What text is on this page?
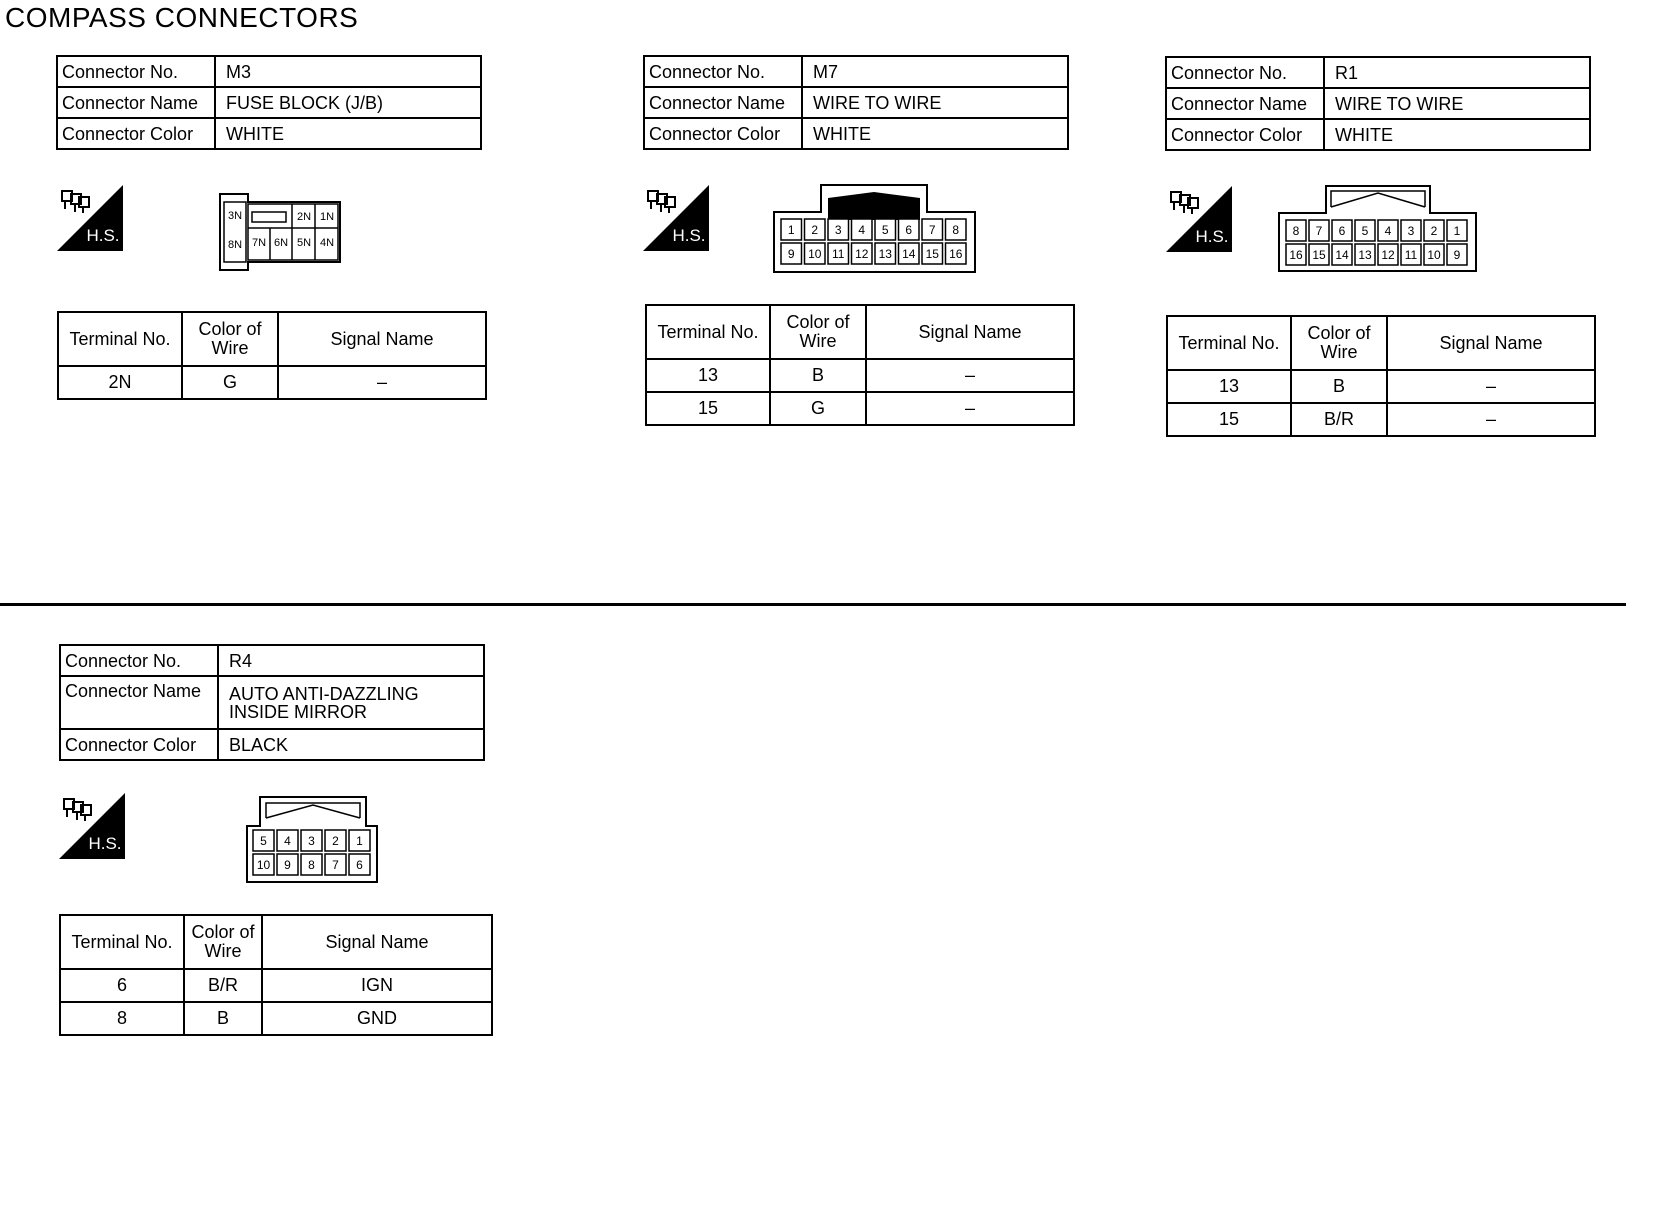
COMPASS CONNECTORS
Connector No.	M3
Connector Name	FUSE BLOCK (J/B)
Connector Color	WHITE
H.S.
3N	2N 1N
8N 7N 6N 5N 4N
Terminal No.	Color of Wire	Signal Name
2N	G	–
Connector No.	M7
Connector Name	WIRE TO WIRE
Connector Color	WHITE
H.S.	1 2 3 4 5 6 7 8
9 10 11 12 13 14 15 16
Terminal No.	Color of Wire	Signal Name
13	B	–
15	G	–
Connector No.	R1
Connector Name	WIRE TO WIRE
Connector Color	WHITE
H.S.	8 7 6 5 4 3 2 1
16 15 14 13 12 11 10 9
Terminal No.	Color of Wire	Signal Name
13	B	–
15	B/R	–
Connector No.	R4
Connector Name	AUTO ANTI-DAZZLING
INSIDE MIRROR

Connector Color	BLACK
H.S.	5 4 3 2 1
10 9 8 7 6
Terminal No.	Color of Wire	Signal Name
6	B/R	IGN
8	B	GND
